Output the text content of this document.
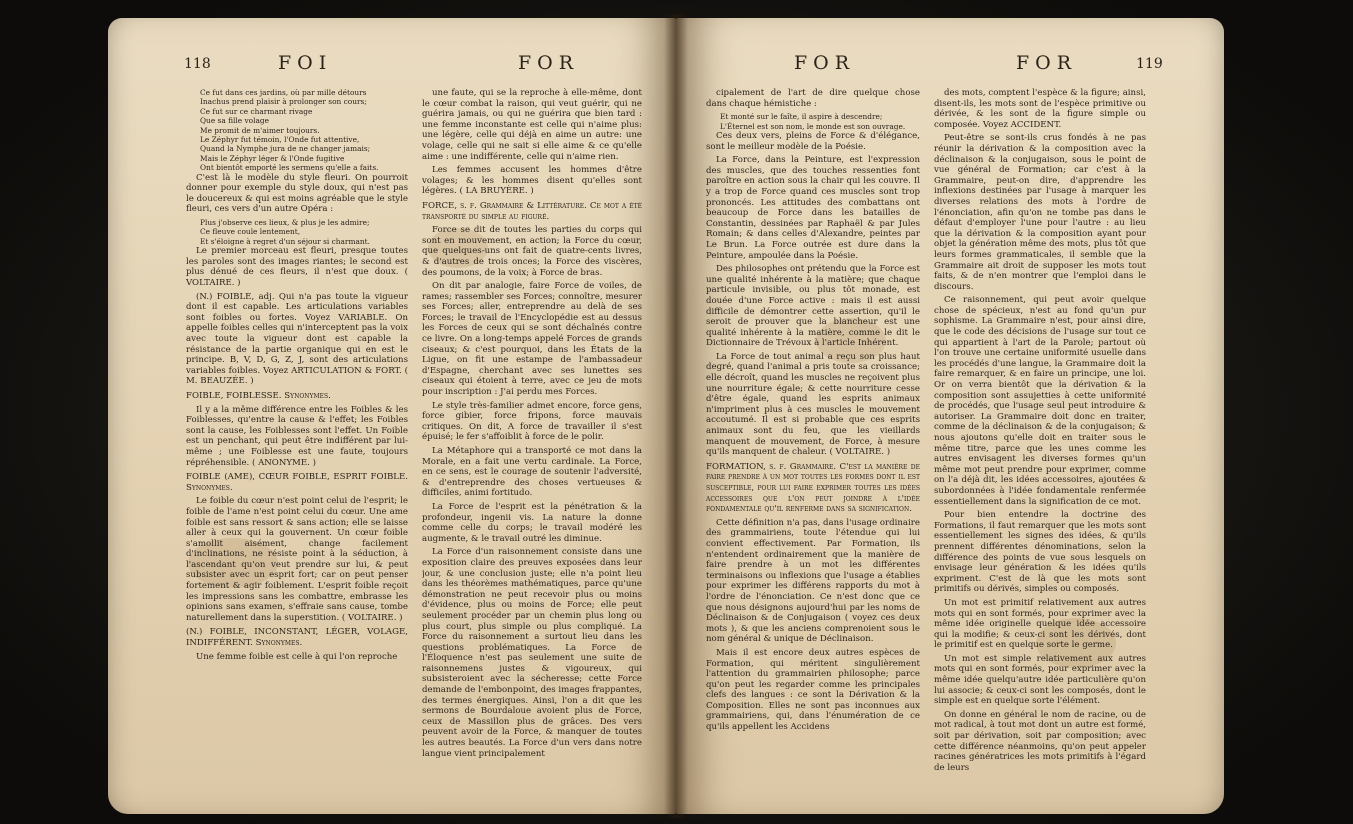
118	FOI	FOR

Ce fut dans ces jardins, où par mille détours

Inachus prend plaisir à prolonger son cours;

Ce fut sur ce charmant rivage

Que sa fille volage

Me promit de m'aimer toujours.

Le Zéphyr fut témoin, l'Onde fut attentive,

Quand la Nymphe jura de ne changer jamais;

Mais le Zéphyr léger & l'Onde fugitive

Ont bientôt emporté les sermens qu'elle a faits.

C'est là le modèle du style fleuri. On pourroit donner pour exemple du style doux, qui n'est pas le doucereux & qui est moins agréable que le style fleuri, ces vers d'un autre Opéra :

Plus j'observe ces lieux, & plus je les admire;

Ce fleuve coule lentement,

Et s'éloigne à regret d'un séjour si charmant.

Le premier morceau est fleuri, presque toutes les paroles sont des images riantes; le second est plus dénué de ces fleurs, il n'est que doux. ( VOLTAIRE. )

(N.) FOIBLE, adj. Qui n'a pas toute la vigueur dont il est capable. Les articulations variables sont foibles ou fortes. Voyez VARIABLE. On appelle foibles celles qui n'interceptent pas la voix avec toute la vigueur dont est capable la résistance de la partie organique qui en est le principe. B, V, D, G, Z, J, sont des articulations variables foibles. Voyez ARTICULATION & FORT. ( M. BEAUZÉE. )

FOIBLE, FOIBLESSE. Synonymes.

Il y a la même différence entre les Foibles & les Foiblesses, qu'entre la cause & l'effet; les Foibles sont la cause, les Foiblesses sont l'effet. Un Foible est un penchant, qui peut être indifférent par lui-même ; une Foiblesse est une faute, toujours répréhensible. ( ANONYME. )

FOIBLE (AME), CŒUR FOIBLE, ESPRIT FOIBLE. Synonymes.

Le foible du cœur n'est point celui de l'esprit; le foible de l'ame n'est point celui du cœur. Une ame foible est sans ressort & sans action; elle se laisse aller à ceux qui la gouvernent. Un cœur foible s'amollit aisément, change facilement d'inclinations, ne résiste point à la séduction, à l'ascendant qu'on veut prendre sur lui, & peut subsister avec un esprit fort; car on peut penser fortement & agir foiblement. L'esprit foible reçoit les impressions sans les combattre, embrasse les opinions sans examen, s'effraie sans cause, tombe naturellement dans la superstition. ( VOLTAIRE. )

(N.) FOIBLE, INCONSTANT, LÉGER, VOLAGE, INDIFFÉRENT. Synonymes.

Une femme foible est celle à qui l'on reproche

une faute, qui se la reproche à elle-même, dont le cœur combat la raison, qui veut guérir, qui ne guérira jamais, ou qui ne guérira que bien tard : une femme inconstante est celle qui n'aime plus: une légère, celle qui déjà en aime un autre: une volage, celle qui ne sait si elle aime & ce qu'elle aime : une indifférente, celle qui n'aime rien.

Les femmes accusent les hommes d'être volages; & les hommes disent qu'elles sont légères. ( LA BRUYÈRE. )

FORCE, s. f. Grammaire & Littérature. Ce mot a été transporté du simple au figuré.

Force se dit de toutes les parties du corps qui sont en mouvement, en action; la Force du cœur, que quelques-uns ont fait de quatre-cents livres, & d'autres de trois onces; la Force des viscères, des poumons, de la voix; à Force de bras.

On dit par analogie, faire Force de voiles, de rames; rassembler ses Forces; connoître, mesurer ses Forces; aller, entreprendre au delà de ses Forces; le travail de l'Encyclopédie est au dessus les Forces de ceux qui se sont déchaînés contre ce livre. On a long-temps appelé Forces de grands ciseaux; & c'est pourquoi, dans les États de la Ligue, on fit une estampe de l'ambassadeur d'Espagne, cherchant avec ses lunettes ses ciseaux qui étoient à terre, avec ce jeu de mots pour inscription : J'ai perdu mes Forces.

Le style très-familier admet encore, force gens, force gibier, force fripons, force mauvais critiques. On dit, A force de travailler il s'est épuisé; le fer s'affoiblit à force de le polir.

La Métaphore qui a transporté ce mot dans la Morale, en a fait une vertu cardinale. La Force, en ce sens, est le courage de soutenir l'adversité, & d'entreprendre des choses vertueuses & difficiles, animi fortitudo.

La Force de l'esprit est la pénétration & la profondeur, ingenii vis. La nature la donne comme celle du corps; le travail modéré les augmente, & le travail outré les diminue.

La Force d'un raisonnement consiste dans une exposition claire des preuves exposées dans leur jour, & une conclusion juste; elle n'a point lieu dans les théorèmes mathématiques, parce qu'une démonstration ne peut recevoir plus ou moins d'évidence, plus ou moins de Force; elle peut seulement procéder par un chemin plus long ou plus court, plus simple ou plus compliqué. La Force du raisonnement a surtout lieu dans les questions problématiques. La Force de l'Éloquence n'est pas seulement une suite de raisonnemens justes & vigoureux, qui subsisteroient avec la sécheresse; cette Force demande de l'embonpoint, des images frappantes, des termes énergiques. Ainsi, l'on a dit que les sermons de Bourdaloue avoient plus de Force, ceux de Massillon plus de grâces. Des vers peuvent avoir de la Force, & manquer de toutes les autres beautés. La Force d'un vers dans notre langue vient principalement

FOR	FOR	119

cipalement de l'art de dire quelque chose dans chaque hémistiche :

Et monté sur le faîte, il aspire à descendre;

L'Éternel est son nom, le monde est son ouvrage.

Ces deux vers, pleins de Force & d'élégance, sont le meilleur modèle de la Poésie.

La Force, dans la Peinture, est l'expression des muscles, que des touches ressenties font paroître en action sous la chair qui les couvre. Il y a trop de Force quand ces muscles sont trop prononcés. Les attitudes des combattans ont beaucoup de Force dans les batailles de Constantin, dessinées par Raphaël & par Jules Romain; & dans celles d'Alexandre, peintes par Le Brun. La Force outrée est dure dans la Peinture, ampoulée dans la Poésie.

Des philosophes ont prétendu que la Force est une qualité inhérente à la matière; que chaque particule invisible, ou plus tôt monade, est douée d'une Force active : mais il est aussi difficile de démontrer cette assertion, qu'il le seroit de prouver que la blancheur est une qualité inhérente à la matière, comme le dit le Dictionnaire de Trévoux à l'article Inhérent.

La Force de tout animal a reçu son plus haut degré, quand l'animal a pris toute sa croissance; elle décroît, quand les muscles ne reçoivent plus une nourriture égale; & cette nourriture cesse d'être égale, quand les esprits animaux n'impriment plus à ces muscles le mouvement accoutumé. Il est si probable que ces esprits animaux sont du feu, que les vieillards manquent de mouvement, de Force, à mesure qu'ils manquent de chaleur. ( VOLTAIRE. )

FORMATION, s. f. Grammaire. C'est la manière de faire prendre à un mot toutes les formes dont il est susceptible, pour lui faire exprimer toutes les idées accessoires que l'on peut joindre à l'idée fondamentale qu'il renferme dans sa signification.

Cette définition n'a pas, dans l'usage ordinaire des grammairiens, toute l'étendue qui lui convient effectivement. Par Formation, ils n'entendent ordinairement que la manière de faire prendre à un mot les différentes terminaisons ou inflexions que l'usage a établies pour exprimer les différens rapports du mot à l'ordre de l'énonciation. Ce n'est donc que ce que nous désignons aujourd'hui par les noms de Déclinaison & de Conjugaison ( voyez ces deux mots ), & que les anciens comprenoient sous le nom général & unique de Déclinaison.

Mais il est encore deux autres espèces de Formation, qui méritent singulièrement l'attention du grammairien philosophe; parce qu'on peut les regarder comme les principales clefs des langues : ce sont la Dérivation & la Composition. Elles ne sont pas inconnues aux grammairiens, qui, dans l'énumération de ce qu'ils appellent les Accidens

des mots, comptent l'espèce & la figure; ainsi, disent-ils, les mots sont de l'espèce primitive ou dérivée, & les sont de la figure simple ou composée. Voyez ACCIDENT.

Peut-être se sont-ils crus fondés à ne pas réunir la dérivation & la composition avec la déclinaison & la conjugaison, sous le point de vue général de Formation; car c'est à la Grammaire, peut-on dire, d'apprendre les inflexions destinées par l'usage à marquer les diverses relations des mots à l'ordre de l'énonciation, afin qu'on ne tombe pas dans le défaut d'employer l'une pour l'autre : au lieu que la dérivation & la composition ayant pour objet la génération même des mots, plus tôt que leurs formes grammaticales, il semble que la Grammaire ait droit de supposer les mots tout faits, & de n'en montrer que l'emploi dans le discours.

Ce raisonnement, qui peut avoir quelque chose de spécieux, n'est au fond qu'un pur sophisme. La Grammaire n'est, pour ainsi dire, que le code des décisions de l'usage sur tout ce qui appartient à l'art de la Parole; partout où l'on trouve une certaine uniformité usuelle dans les procédés d'une langue, la Grammaire doit la faire remarquer, & en faire un principe, une loi. Or on verra bientôt que la dérivation & la composition sont assujetties à cette uniformité de procédés, que l'usage seul peut introduire & autoriser. La Grammaire doit donc en traiter, comme de la déclinaison & de la conjugaison; & nous ajoutons qu'elle doit en traiter sous le même titre, parce que les unes comme les autres envisagent les diverses formes qu'un même mot peut prendre pour exprimer, comme on l'a déjà dit, les idées accessoires, ajoutées & subordonnées à l'idée fondamentale renfermée essentiellement dans la signification de ce mot.

Pour bien entendre la doctrine des Formations, il faut remarquer que les mots sont essentiellement les signes des idées, & qu'ils prennent différentes dénominations, selon la différence des points de vue sous lesquels on envisage leur génération & les idées qu'ils expriment. C'est de là que les mots sont primitifs ou dérivés, simples ou composés.

Un mot est primitif relativement aux autres mots qui en sont formés, pour exprimer avec la même idée originelle quelque idée accessoire qui la modifie; & ceux-ci sont les dérivés, dont le primitif est en quelque sorte le germe.

Un mot est simple relativement aux autres mots qui en sont formés, pour exprimer avec la même idée quelqu'autre idée particulière qu'on lui associe; & ceux-ci sont les composés, dont le simple est en quelque sorte l'élément.

On donne en général le nom de racine, ou de mot radical, à tout mot dont un autre est formé, soit par dérivation, soit par composition; avec cette différence néanmoins, qu'on peut appeler racines génératrices les mots primitifs à l'égard de leurs
